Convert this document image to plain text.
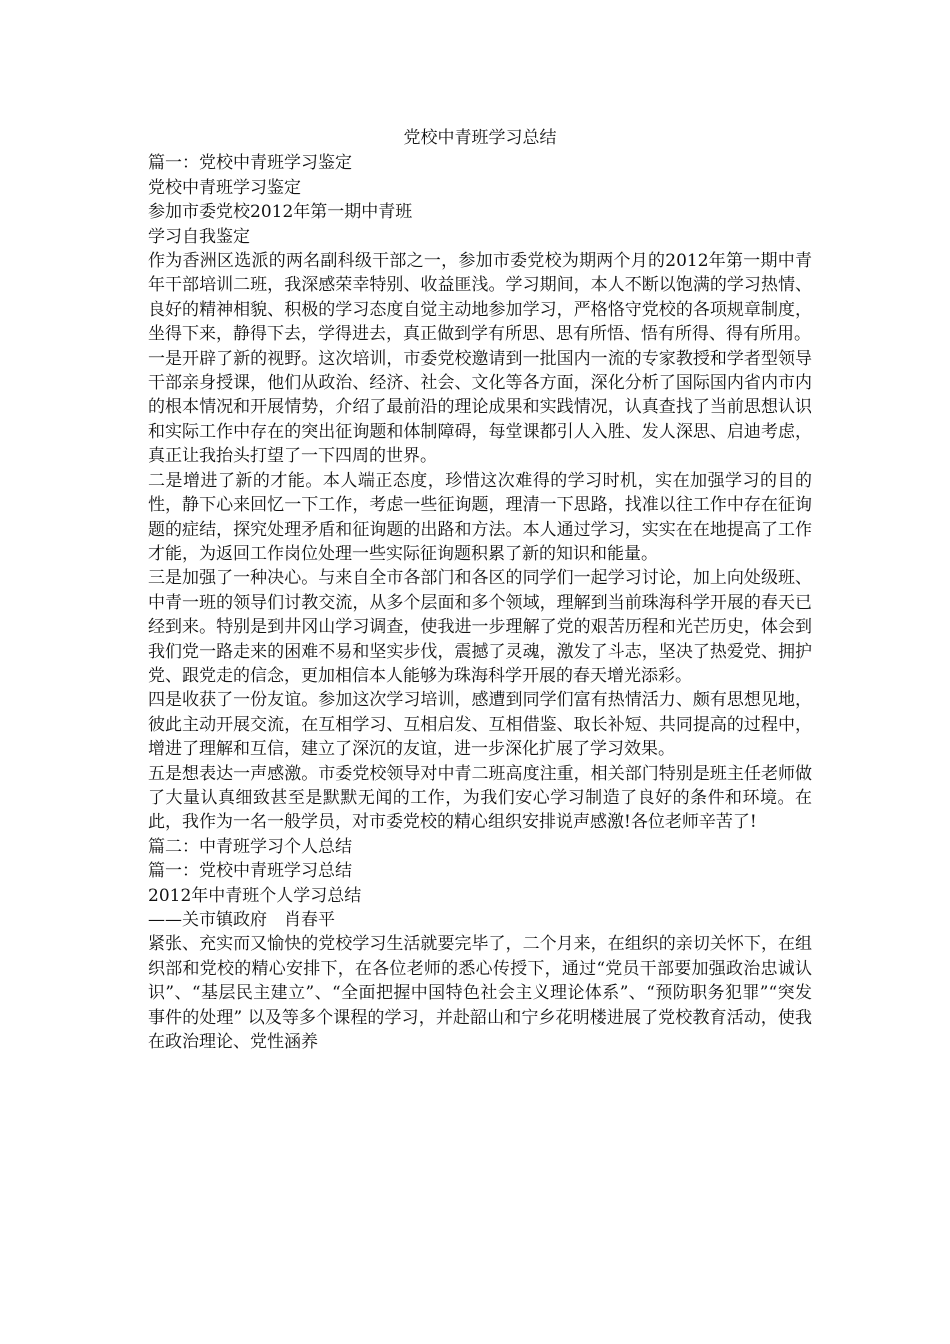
党校中青班学习总结

篇一：党校中青班学习鉴定

党校中青班学习鉴定

参加市委党校2012年第一期中青班

学习自我鉴定

作为香洲区选派的两名副科级干部之一，参加市委党校为期两个月的2012年第一期中青年干部培训二班，我深感荣幸特别、收益匪浅。学习期间，本人不断以饱满的学习热情、良好的精神相貌、积极的学习态度自觉主动地参加学习，严格恪守党校的各项规章制度，坐得下来，静得下去，学得进去，真正做到学有所思、思有所悟、悟有所得、得有所用。

一是开辟了新的视野。这次培训，市委党校邀请到一批国内一流的专家教授和学者型领导干部亲身授课，他们从政治、经济、社会、文化等各方面，深化分析了国际国内省内市内的根本情况和开展情势，介绍了最前沿的理论成果和实践情况，认真查找了当前思想认识和实际工作中存在的突出征询题和体制障碍，每堂课都引人入胜、发人深思、启迪考虑，真正让我抬头打望了一下四周的世界。

二是增进了新的才能。本人端正态度，珍惜这次难得的学习时机，实在加强学习的目的性，静下心来回忆一下工作，考虑一些征询题，理清一下思路，找准以往工作中存在征询题的症结，探究处理矛盾和征询题的出路和方法。本人通过学习，实实在在地提高了工作才能，为返回工作岗位处理一些实际征询题积累了新的知识和能量。

三是加强了一种决心。与来自全市各部门和各区的同学们一起学习讨论，加上向处级班、中青一班的领导们讨教交流，从多个层面和多个领域，理解到当前珠海科学开展的春天已经到来。特别是到井冈山学习调查，使我进一步理解了党的艰苦历程和光芒历史，体会到我们党一路走来的困难不易和坚实步伐，震撼了灵魂，激发了斗志，坚决了热爱党、拥护党、跟党走的信念，更加相信本人能够为珠海科学开展的春天增光添彩。

四是收获了一份友谊。参加这次学习培训，感遭到同学们富有热情活力、颇有思想见地，彼此主动开展交流，在互相学习、互相启发、互相借鉴、取长补短、共同提高的过程中，增进了理解和互信，建立了深沉的友谊，进一步深化扩展了学习效果。

五是想表达一声感激。市委党校领导对中青二班高度注重，相关部门特别是班主任老师做了大量认真细致甚至是默默无闻的工作，为我们安心学习制造了良好的条件和环境。在此，我作为一名一般学员，对市委党校的精心组织安排说声感激!各位老师辛苦了!

篇二：中青班学习个人总结

篇一：党校中青班学习总结

2012年中青班个人学习总结

——关市镇政府　肖春平

紧张、充实而又愉快的党校学习生活就要完毕了，二个月来，在组织的亲切关怀下，在组织部和党校的精心安排下，在各位老师的悉心传授下，通过“党员干部要加强政治忠诚认识”、“基层民主建立”、“全面把握中国特色社会主义理论体系”、“预防职务犯罪”“突发事件的处理” 以及等多个课程的学习，并赴韶山和宁乡花明楼进展了党校教育活动，使我在政治理论、党性涵养
